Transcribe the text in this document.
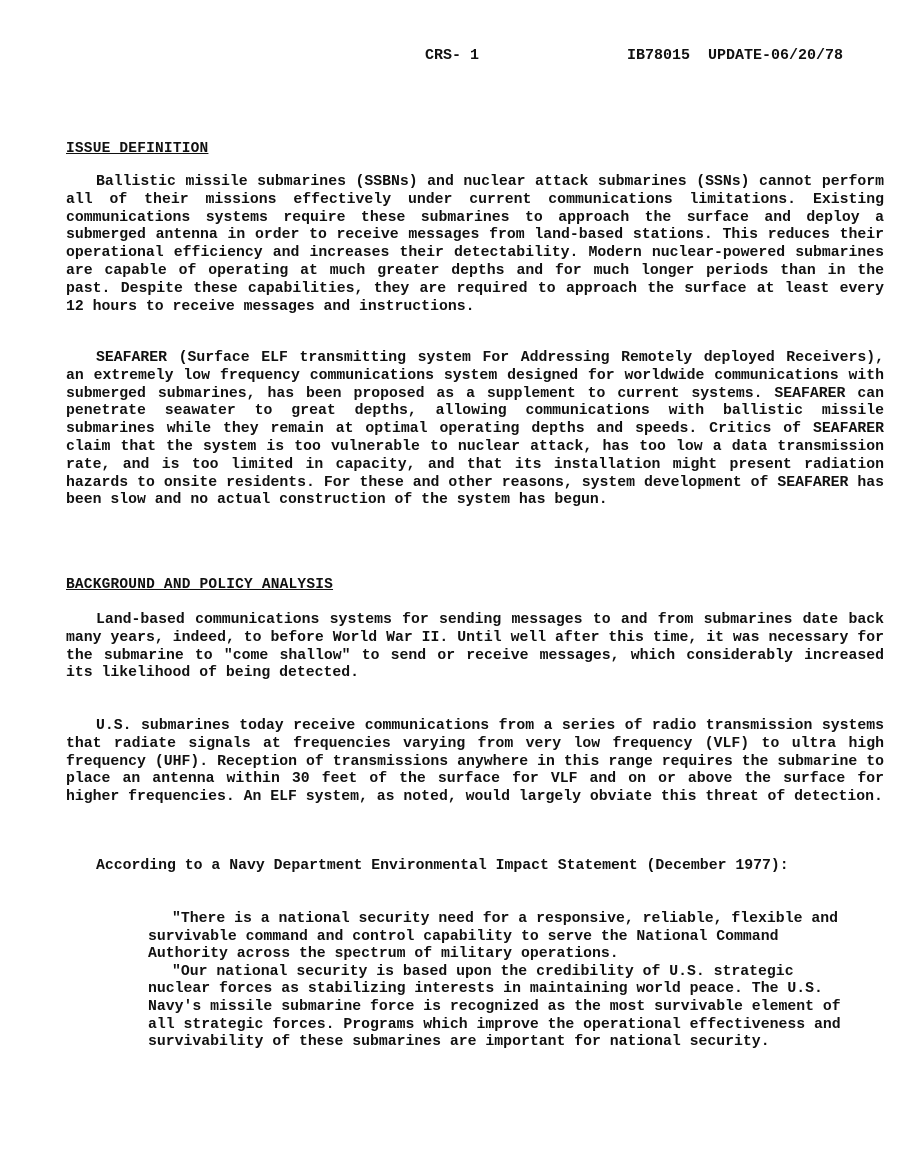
CRS- 1	IB78015  UPDATE-06/20/78
ISSUE DEFINITION

Ballistic missile submarines (SSBNs) and nuclear attack submarines (SSNs) cannot perform all of their missions effectively under current communications limitations. Existing communications systems require these submarines to approach the surface and deploy a submerged antenna in order to receive messages from land-based stations. This reduces their operational efficiency and increases their detectability. Modern nuclear-powered submarines are capable of operating at much greater depths and for much longer periods than in the past. Despite these capabilities, they are required to approach the surface at least every 12 hours to receive messages and instructions.

SEAFARER (Surface ELF transmitting system For Addressing Remotely deployed Receivers), an extremely low frequency communications system designed for worldwide communications with submerged submarines, has been proposed as a supplement to current systems. SEAFARER can penetrate seawater to great depths, allowing communications with ballistic missile submarines while they remain at optimal operating depths and speeds. Critics of SEAFARER claim that the system is too vulnerable to nuclear attack, has too low a data transmission rate, and is too limited in capacity, and that its installation might present radiation hazards to onsite residents. For these and other reasons, system development of SEAFARER has been slow and no actual construction of the system has begun.

BACKGROUND AND POLICY ANALYSIS

Land-based communications systems for sending messages to and from submarines date back many years, indeed, to before World War II. Until well after this time, it was necessary for the submarine to "come shallow" to send or receive messages, which considerably increased its likelihood of being detected.

U.S. submarines today receive communications from a series of radio transmission systems that radiate signals at frequencies varying from very low frequency (VLF) to ultra high frequency (UHF). Reception of transmissions anywhere in this range requires the submarine to place an antenna within 30 feet of the surface for VLF and on or above the surface for higher frequencies. An ELF system, as noted, would largely obviate this threat of detection.

According to a Navy Department Environmental Impact Statement (December 1977):

"There is a national security need for a responsive, reliable, flexible and survivable command and control capability to serve the National Command Authority across the spectrum of military operations.

"Our national security is based upon the credibility of U.S. strategic nuclear forces as stabilizing interests in maintaining world peace. The U.S. Navy's missile submarine force is recognized as the most survivable element of all strategic forces. Programs which improve the operational effectiveness and survivability of these submarines are important for national security.
